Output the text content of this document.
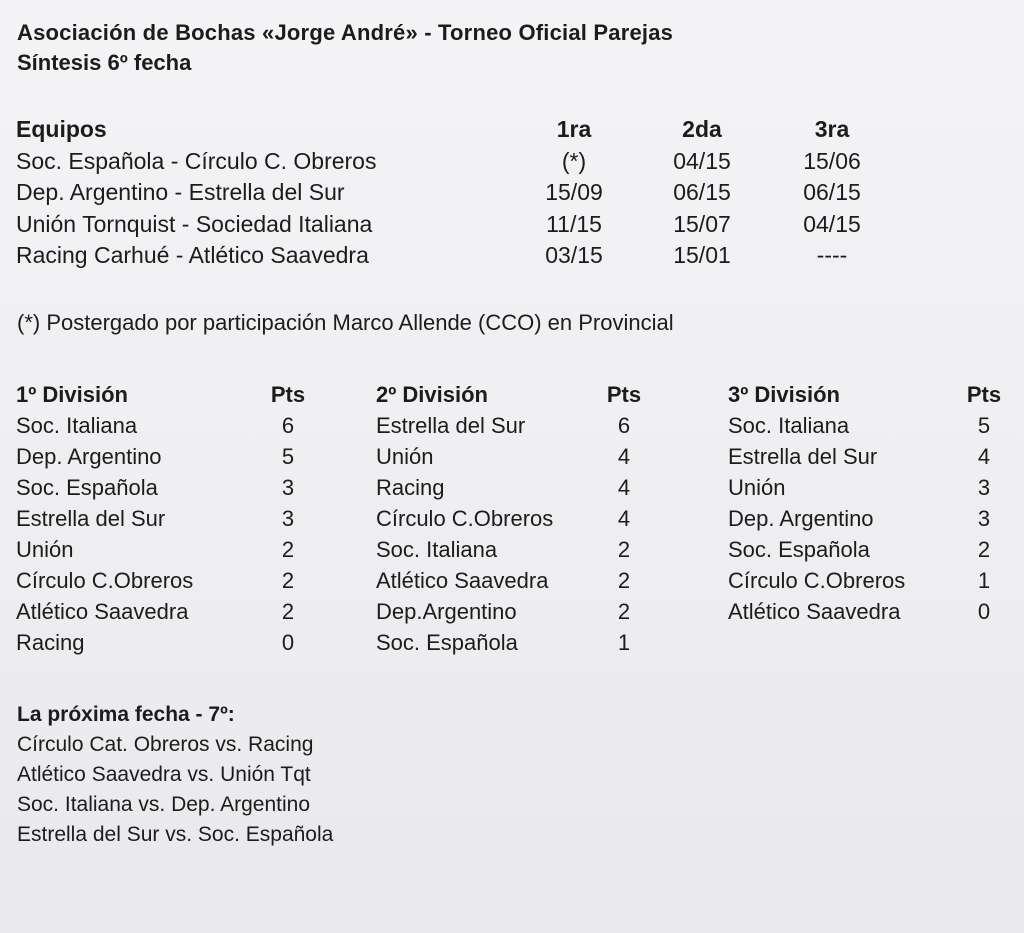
Asociación de Bochas «Jorge André» - Torneo Oficial Parejas
Síntesis 6º fecha
Equipos	1ra	2da	3ra
Soc. Española - Círculo C. Obreros	(*)	04/15	15/06
Dep. Argentino - Estrella del Sur	15/09	06/15	06/15
Unión Tornquist - Sociedad Italiana	11/15	15/07	04/15
Racing Carhué - Atlético Saavedra	03/15	15/01	----
(*) Postergado por participación Marco Allende (CCO) en Provincial
1º División	Pts
Soc. Italiana	6
Dep. Argentino	5
Soc. Española	3
Estrella del Sur	3
Unión	2
Círculo C.Obreros	2
Atlético Saavedra	2
Racing	0
2º División	Pts
Estrella del Sur	6
Unión	4
Racing	4
Círculo C.Obreros	4
Soc. Italiana	2
Atlético Saavedra	2
Dep.Argentino	2
Soc. Española	1
3º División	Pts
Soc. Italiana	5
Estrella del Sur	4
Unión	3
Dep. Argentino	3
Soc. Española	2
Círculo C.Obreros	1
Atlético Saavedra	0
La próxima fecha - 7º:
Círculo Cat. Obreros vs. Racing
Atlético Saavedra vs. Unión Tqt
Soc. Italiana vs. Dep. Argentino
Estrella del Sur vs. Soc. Española
